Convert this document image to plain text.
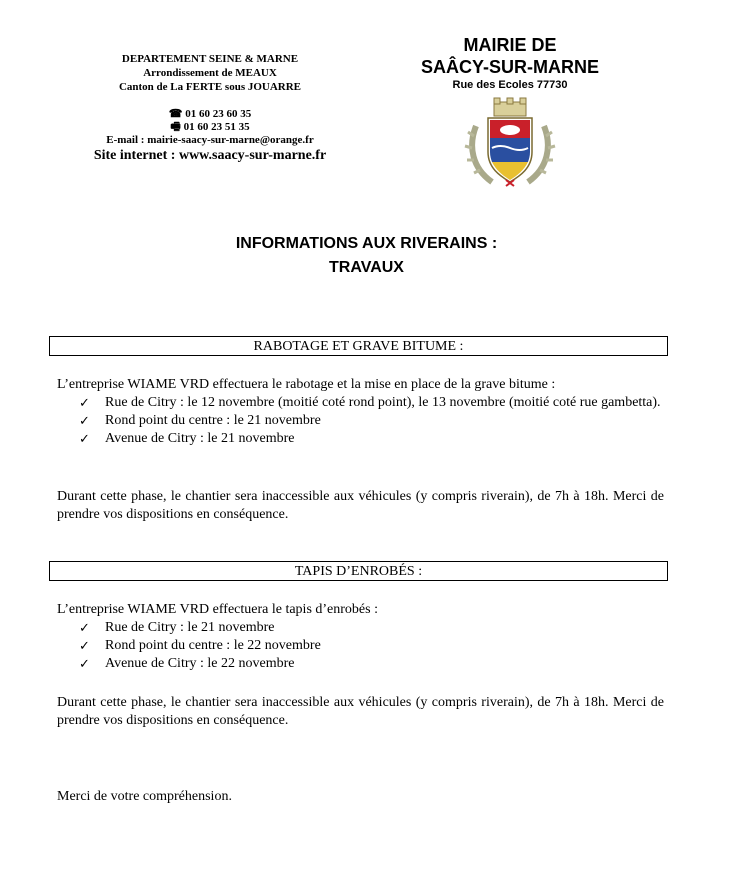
DEPARTEMENT SEINE & MARNE
Arrondissement de MEAUX
Canton de La FERTE sous JOUARRE
☎ 01 60 23 60 35
🖷 01 60 23 51 35
E-mail : mairie-saacy-sur-marne@orange.fr
Site internet : www.saacy-sur-marne.fr
MAIRIE DE
SAÂCY-SUR-MARNE
Rue des Ecoles 77730
INFORMATIONS AUX RIVERAINS :
TRAVAUX
RABOTAGE ET GRAVE BITUME :

L’entreprise WIAME VRD effectuera le rabotage et la mise en place de la grave bitume :

✓ Rue de Citry : le 12 novembre (moitié coté rond point), le 13 novembre (moitié coté rue gambetta).
✓ Rond point du centre : le 21 novembre
✓ Avenue de Citry : le 21 novembre
Durant cette phase, le chantier sera inaccessible aux véhicules (y compris riverain), de 7h à 18h. Merci de prendre vos dispositions en conséquence.
TAPIS D’ENROBÉS :

L’entreprise WIAME VRD effectuera le tapis d’enrobés :

✓ Rue de Citry : le 21 novembre
✓ Rond point du centre : le 22 novembre
✓ Avenue de Citry : le 22 novembre
Durant cette phase, le chantier sera inaccessible aux véhicules (y compris riverain), de 7h à 18h. Merci de prendre vos dispositions en conséquence.
Merci de votre compréhension.
